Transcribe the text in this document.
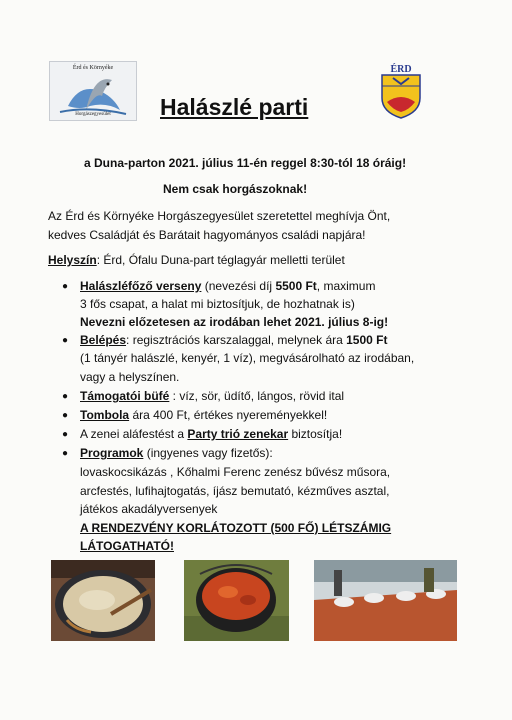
Érd és Környéke
Horgászegyesület
ÉRD
Halászlé parti
a Duna-parton 2021. július 11-én reggel 8:30-tól 18 óráig!
Nem csak horgászoknak!
Az Érd és Környéke Horgászegyesület szeretettel meghívja Önt,
kedves Családját és Barátait hagyományos családi napjára!
Helyszín: Érd, Ófalu Duna-part téglagyár melletti terület
● Halászléfőző verseny (nevezési díj 5500 Ft, maximum
3 fős csapat, a halat mi biztosítjuk, de hozhatnak is)
Nevezni előzetesen az irodában lehet 2021. július 8-ig!
● Belépés: regisztrációs karszalaggal, melynek ára 1500 Ft
(1 tányér halászlé, kenyér, 1 víz), megvásárolható az irodában,
vagy a helyszínen.
● Támogatói büfé : víz, sör, üdítő, lángos, rövid ital
● Tombola ára 400 Ft, értékes nyereményekkel!
● A zenei aláfestést a Party trió zenekar biztosítja!
● Programok (ingyenes vagy fizetős):
lovaskocsikázás , Kőhalmi Ferenc zenész bűvész műsora,
arcfestés, lufihajtogatás, íjász bemutató, kézműves asztal,
játékos akadályversenyek
A RENDEZVÉNY KORLÁTOZOTT (500 FŐ) LÉTSZÁMIG
LÁTOGATHATÓ!
